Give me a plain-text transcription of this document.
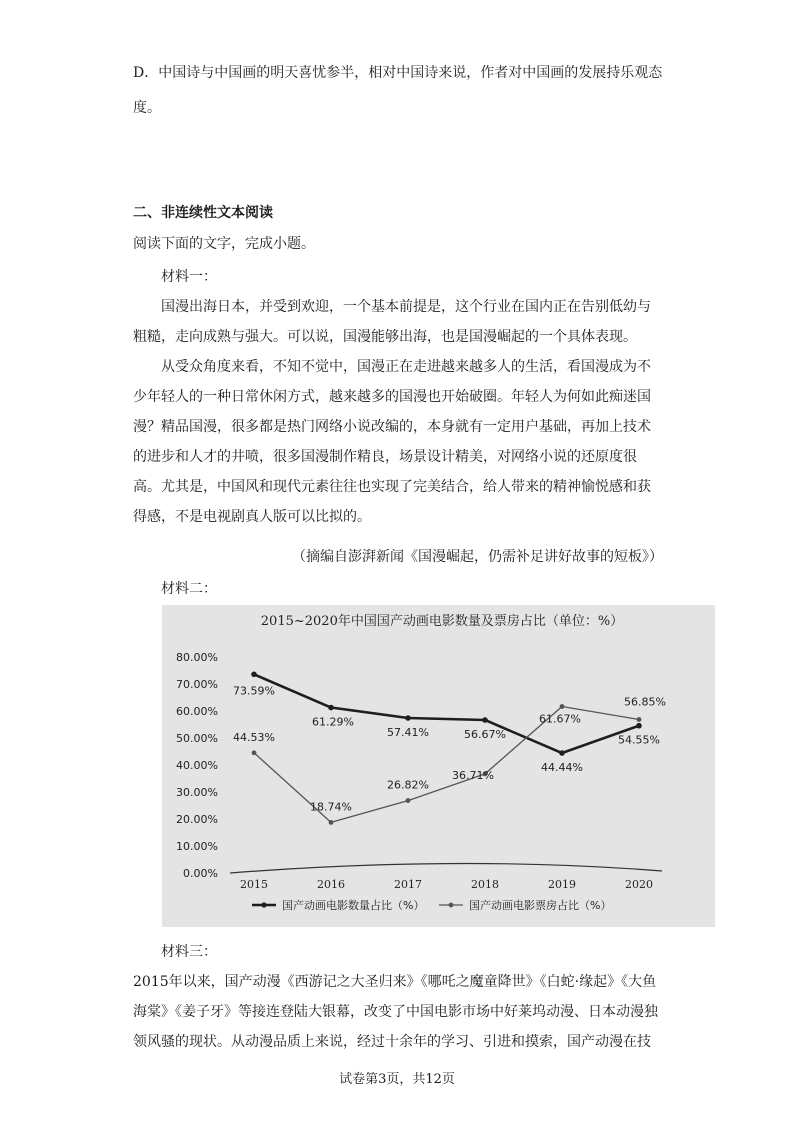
D．中国诗与中国画的明天喜忧参半，相对中国诗来说，作者对中国画的发展持乐观态

度。

二、非连续性文本阅读

阅读下面的文字，完成小题。

材料一：

国漫出海日本，并受到欢迎，一个基本前提是，这个行业在国内正在告别低幼与粗糙，走向成熟与强大。可以说，国漫能够出海，也是国漫崛起的一个具体表现。

从受众角度来看，不知不觉中，国漫正在走进越来越多人的生活，看国漫成为不少年轻人的一种日常休闲方式，越来越多的国漫也开始破圈。年轻人为何如此痴迷国漫？精品国漫，很多都是热门网络小说改编的，本身就有一定用户基础，再加上技术的进步和人才的井喷，很多国漫制作精良，场景设计精美，对网络小说的还原度很高。尤其是，中国风和现代元素往往也实现了完美结合，给人带来的精神愉悦感和获得感，不是电视剧真人版可以比拟的。

（摘编自澎湃新闻《国漫崛起，仍需补足讲好故事的短板》）

材料二：

2015~2020年中国国产动画电影数量及票房占比（单位：%）
0.00%
10.00%
20.00%
30.00%
40.00%
50.00%
60.00%
70.00%
80.00%
2015	2016	2017	2018	2019	2020
73.59%
61.29%
57.41%	56.67%
44.44%
54.55%
44.53%
18.74%
26.82%
36.71%
61.67%
56.85%
国产动画电影数量占比（%）	国产动画电影票房占比（%）

材料三：

2015年以来，国产动漫《西游记之大圣归来》《哪吒之魔童降世》《白蛇·缘起》《大鱼海棠》《姜子牙》等接连登陆大银幕，改变了中国电影市场中好莱坞动漫、日本动漫独领风骚的现状。从动漫品质上来说，经过十余年的学习、引进和摸索，国产动漫在技

试卷第3页，共12页
